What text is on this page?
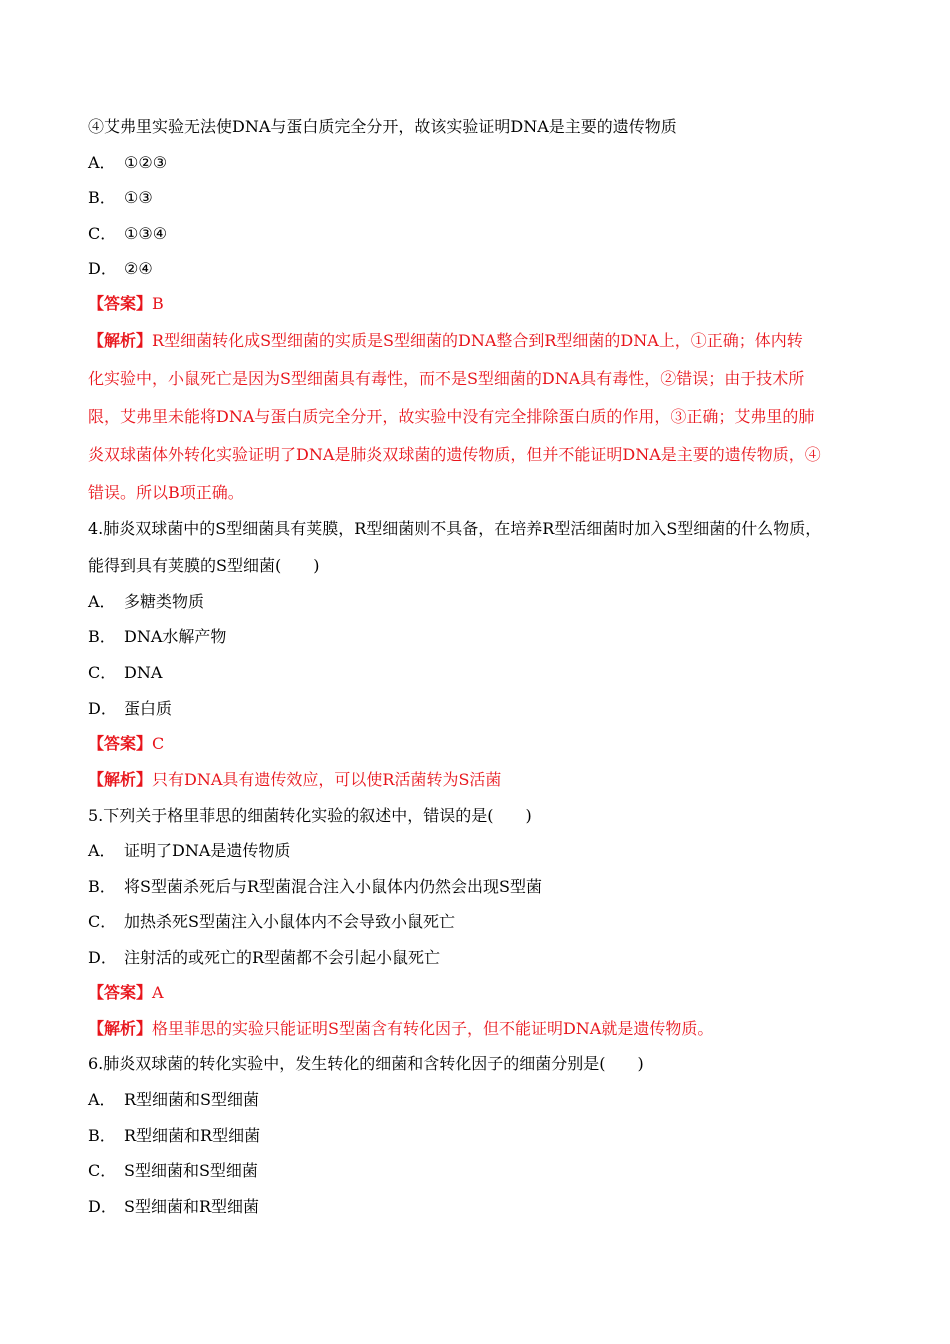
④艾弗里实验无法使DNA与蛋白质完全分开，故该实验证明DNA是主要的遗传物质
A． ①②③
B． ①③
C． ①③④
D． ②④
【答案】B
【解析】R型细菌转化成S型细菌的实质是S型细菌的DNA整合到R型细菌的DNA上，①正确；体内转
化实验中，小鼠死亡是因为S型细菌具有毒性，而不是S型细菌的DNA具有毒性，②错误；由于技术所
限，艾弗里未能将DNA与蛋白质完全分开，故实验中没有完全排除蛋白质的作用，③正确；艾弗里的肺
炎双球菌体外转化实验证明了DNA是肺炎双球菌的遗传物质，但并不能证明DNA是主要的遗传物质，④
错误。所以B项正确。
4.肺炎双球菌中的S型细菌具有荚膜，R型细菌则不具备，在培养R型活细菌时加入S型细菌的什么物质，
能得到具有荚膜的S型细菌(　　)
A． 多糖类物质
B． DNA水解产物
C． DNA
D． 蛋白质
【答案】C
【解析】只有DNA具有遗传效应，可以使R活菌转为S活菌
5.下列关于格里菲思的细菌转化实验的叙述中，错误的是(　　)
A． 证明了DNA是遗传物质
B． 将S型菌杀死后与R型菌混合注入小鼠体内仍然会出现S型菌
C． 加热杀死S型菌注入小鼠体内不会导致小鼠死亡
D． 注射活的或死亡的R型菌都不会引起小鼠死亡
【答案】A
【解析】格里菲思的实验只能证明S型菌含有转化因子，但不能证明DNA就是遗传物质。
6.肺炎双球菌的转化实验中，发生转化的细菌和含转化因子的细菌分别是(　　)
A． R型细菌和S型细菌
B． R型细菌和R型细菌
C． S型细菌和S型细菌
D． S型细菌和R型细菌
